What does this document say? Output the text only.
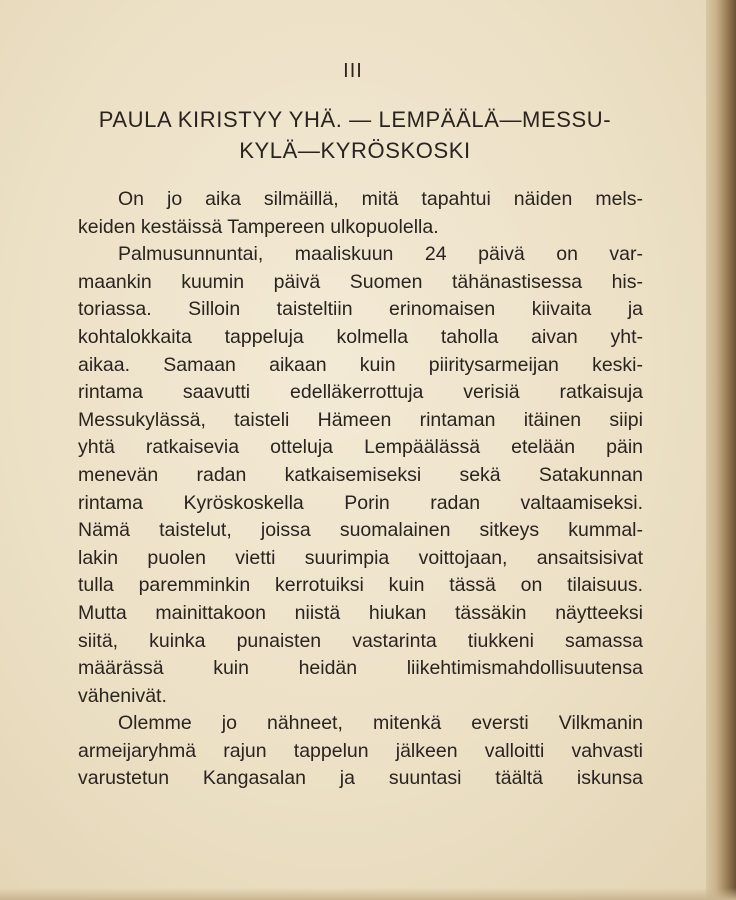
III
PAULA KIRISTYY YHÄ. — LEMPÄÄLÄ—MESSU-
KYLÄ—KYRÖSKOSKI
On jo aika silmäillä, mitä tapahtui näiden mels-
keiden kestäissä Tampereen ulkopuolella.
Palmusunnuntai, maaliskuun 24 päivä on var-
maankin kuumin päivä Suomen tähänastisessa his-
toriassa. Silloin taisteltiin erinomaisen kiivaita ja
kohtalokkaita tappeluja kolmella taholla aivan yht-
aikaa. Samaan aikaan kuin piiritysarmeijan keski-
rintama saavutti edelläkerrottuja verisiä ratkaisuja
Messukylässä, taisteli Hämeen rintaman itäinen siipi
yhtä ratkaisevia otteluja Lempäälässä etelään päin
menevän radan katkaisemiseksi sekä Satakunnan
rintama Kyröskoskella Porin radan valtaamiseksi.
Nämä taistelut, joissa suomalainen sitkeys kummal-
lakin puolen vietti suurimpia voittojaan, ansaitsisivat
tulla paremminkin kerrotuiksi kuin tässä on tilaisuus.
Mutta mainittakoon niistä hiukan tässäkin näytteeksi
siitä, kuinka punaisten vastarinta tiukkeni samassa
määrässä kuin heidän liikehtimismahdollisuutensa
vähenivät.
Olemme jo nähneet, mitenkä eversti Vilkmanin
armeijaryhmä rajun tappelun jälkeen valloitti vahvasti
varustetun Kangasalan ja suuntasi täältä iskunsa
